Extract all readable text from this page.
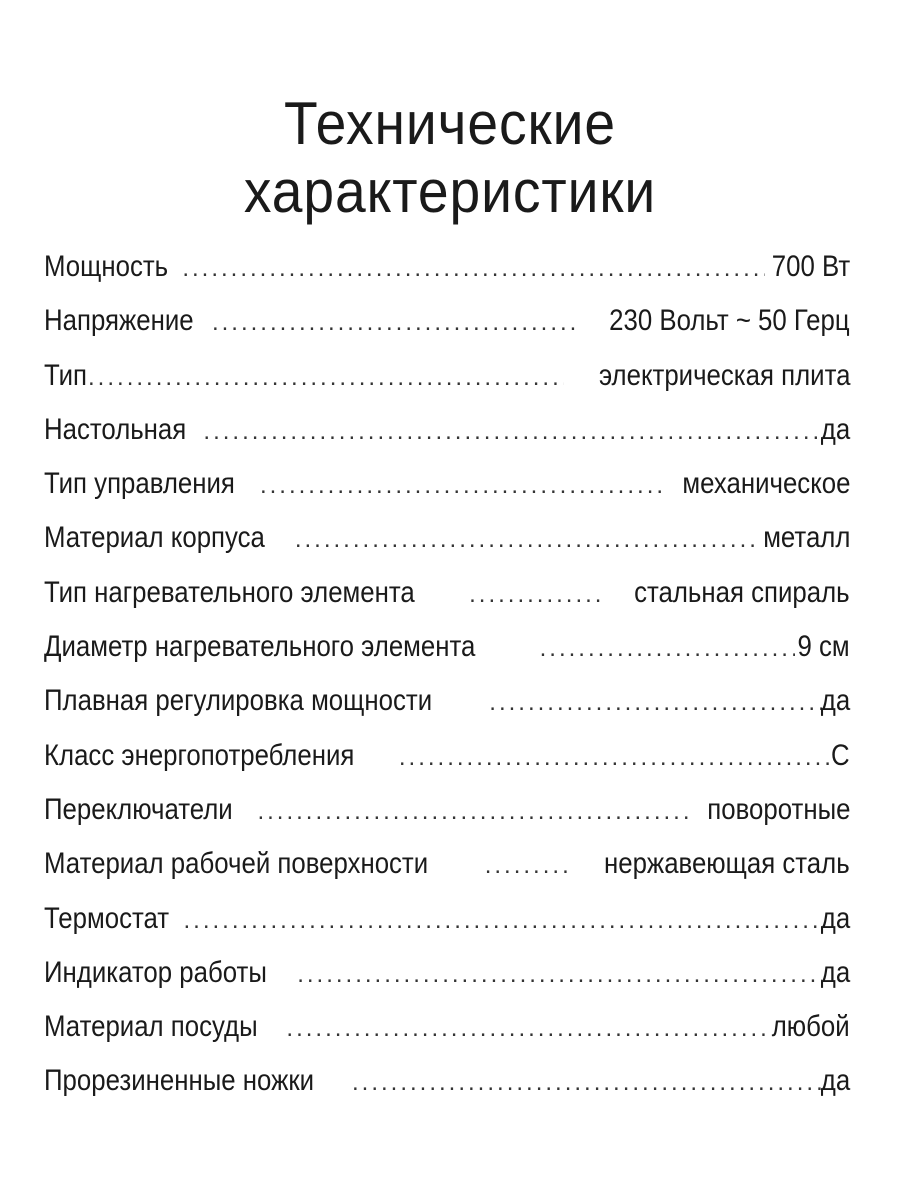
Технические
характеристики
Мощность .....	700 Вт
Напряжение .....	230 Вольт ~ 50 Герц
Тип .....	электрическая плита
Настольная .....	да
Тип управления .....	механическое
Материал корпуса .....	металл
Тип нагревательного элемента .....	стальная спираль
Диаметр нагревательного элемента .....	9 см
Плавная регулировка мощности .....	да
Класс энергопотребления .....	С
Переключатели .....	поворотные
Материал рабочей поверхности .....	нержавеющая сталь
Термостат .....	да
Индикатор работы .....	да
Материал посуды .....	любой
Прорезиненные ножки .....	да
